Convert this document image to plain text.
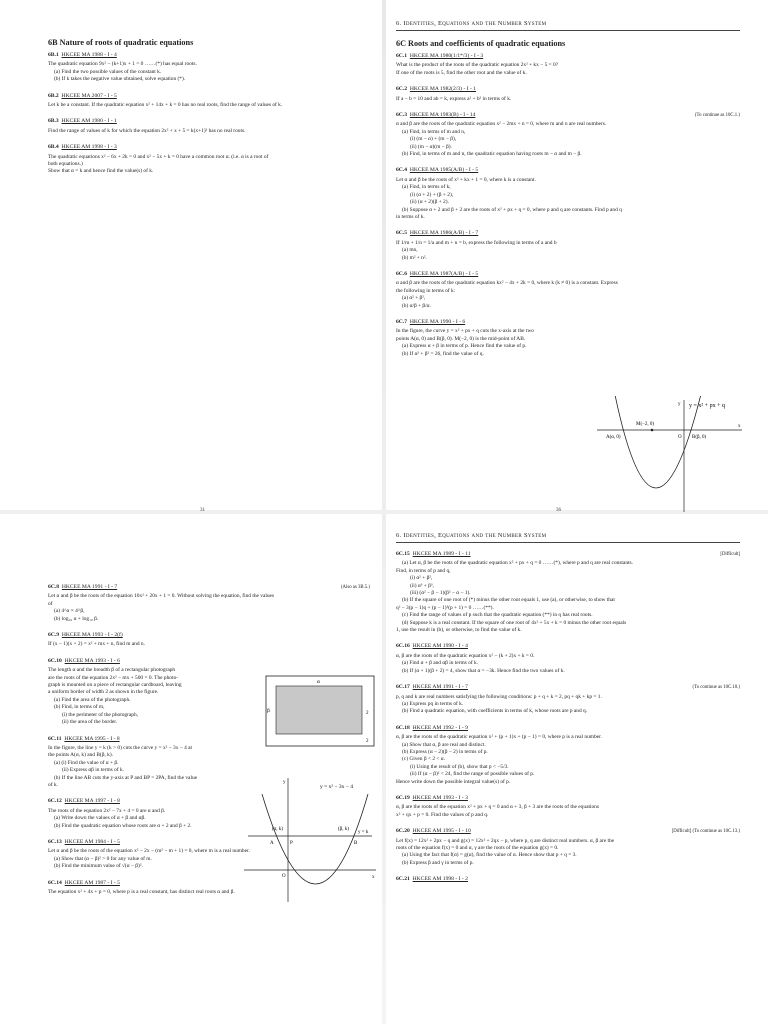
6B Nature of roots of quadratic equations
6B.1 HKCEE MA 1988 - I - 4
The quadratic equation 9x² − (k+1)x + 1 = 0 ……(*) has equal roots.
(a) Find the two possible values of the constant k.
(b) If k takes the negative value obtained, solve equation (*).
6B.2 HKCEE MA 2007 - I - 5
Let k be a constant. If the quadratic equation x² + 14x + k = 0 has no real roots, find the range of values of k.
6B.3 HKCEE AM 1980 - I - 1
Find the range of values of k for which the equation 2x² + x + 5 = k(x+1)² has no real roots.
6B.4 HKCEE AM 1998 - I - 3
The quadratic equations x² − 6x + 2k = 0 and x² − 5x + k = 0 have a common root α. (i.e. α is a root of
both equations.)
Show that α = k and hence find the value(s) of k.
31
6. Identities, Equations and the Number System
6C Roots and coefficients of quadratic equations
6C.1 HKCEE MA 1980(1/1*/3) - I - 3
What is the product of the roots of the quadratic equation 2x² + kx − 5 = 0?
If one of the roots is 5, find the other root and the value of k.
6C.2 HKCEE MA 1982(2/3) - I - 1
If a − b = 10 and ab = k, express a² + b² in terms of k.
6C.3 HKCEE MA 1983(B) - I - 14	(To continue as 10C.1.)
α and β are the roots of the quadratic equation x² − 2mx + n = 0, where m and n are real numbers.
(a) Find, in terms of m and n,
(i) (m − α) + (m − β),
(ii) (m − α)(m − β).
(b) Find, in terms of m and n, the quadratic equation having roots m − α and m − β.
6C.4 HKCEE MA 1985(A/B) - I - 5
Let α and β be the roots of x² + kx + 1 = 0, where k is a constant.
(a) Find, in terms of k,
(i) (α + 2) + (β + 2),
(ii) (α + 2)(β + 2).
(b) Suppose α + 2 and β + 2 are the roots of x² + px + q = 0, where p and q are constants. Find p and q
in terms of k.
6C.5 HKCEE MA 1986(A/B) - I - 7
If 1/m + 1/n = 1/a and m + n = b, express the following in terms of a and b
(a) mn,
(b) m² + n².
6C.6 HKCEE MA 1987(A/B) - I - 5
α and β are the roots of the quadratic equation kx² − 4x + 2k = 0, where k (k ≠ 0) is a constant. Express
the following in terms of k:
(a) α² + β²,
(b) α/β + β/α.
6C.7 HKCEE MA 1990 - I - 6
In the figure, the curve y = x² + px + q cuts the x-axis at the two
points A(α, 0) and B(β, 0). M(−2, 0) is the mid-point of AB.
(a) Express α + β in terms of p. Hence find the value of p.
(b) If α² + β² = 26, find the value of q.
y = x² + px + q
y
x
M(−2, 0)
A(α, 0)	O B(β, 0)
36
6C.8 HKCEE MA 1991 - I - 7	(Also as 3B.5.)
Let α and β be the roots of the equation 10x² + 20x + 1 = 0. Without solving the equation, find the values
of
(a) 4^α × 4^β,
(b) log₁₀ α + log₁₀ β.
6C.9 HKCEE MA 1993 - I - 2(f)
If (x − 1)(x + 2) = x² + mx + n, find m and n.
6C.10 HKCEE MA 1993 - I - 6
The length α and the breadth β of a rectangular photograph
are the roots of the equation 2x² − mx + 500 = 0. The photo-
graph is mounted on a piece of rectangular cardboard, leaving
a uniform border of width 2 as shown in the figure.
(a) Find the area of the photograph.
(b) Find, in terms of m,
(i) the perimeter of the photograph,
(ii) the area of the border.
6C.11 HKCEE MA 1995 - I - 8
In the figure, the line y = k (k > 0) cuts the curve y = x² − 3x − 4 at
the points A(α, k) and B(β, k).
(a) (i) Find the value of α + β.
(ii) Express αβ in terms of k.
(b) If the line AB cuts the y-axis at P and BP = 2PA, find the value
of k.
6C.12 HKCEE MA 1997 - I - 8
The roots of the equation 2x² − 7x + 4 = 0 are α and β.
(a) Write down the values of α + β and αβ.
(b) Find the quadratic equation whose roots are α + 2 and β + 2.
6C.13 HKCEE AM 1984 - I - 5
Let α and β be the roots of the equation x² − 2x − (m² − m + 1) = 0, where m is a real number.
(a) Show that (α − β)² > 0 for any value of m.
(b) Find the minimum value of √(α − β)².
6C.14 HKCEE AM 1987 - I - 5
The equation x² + 4x + p = 0, where p is a real constant, has distinct real roots α and β.
α
β	2
2
y = x² − 3x − 4
y = k
(α, k)	(β, k)
A	P	B
O
y
x
6. Identities, Equations and the Number System
6C.15 HKCEE MA 1989 - I - 11	[Difficult]
(a) Let α, β be the roots of the quadratic equation x² + px + q = 0 ……(*), where p and q are real constants.
Find, in terms of p and q,
(i) α² + β²,
(ii) α³ + β³,
(iii) (α² − β − 1)(β² − α − 1).
(b) If the square of one root of (*) minus the other root equals 1, use (a), or otherwise, to show that
q² − 3(p − 1)q + (p − 1)³(p + 1) = 0 ……(**).
(c) Find the range of values of p such that the quadratic equation (**) in q has real roots.
(d) Suppose k is a real constant. If the square of one root of 4x² + 5x + k = 0 minus the other root equals
1, use the result in (b), or otherwise, to find the value of k.
6C.16 HKCEE AM 1990 - I - 4
α, β are the roots of the quadratic equation x² − (k + 2)x + k = 0.
(a) Find α + β and αβ in terms of k.
(b) If (α + 1)(β + 2) = 4, show that α = −3k. Hence find the two values of k.
6C.17 HKCEE AM 1991 - I - 7	(To continue as 10C.10.)
p, q and k are real numbers satisfying the following conditions: p + q + k = 2, pq + qk + kp = 1.
(a) Express pq in terms of k.
(b) Find a quadratic equation, with coefficients in terms of k, whose roots are p and q.
6C.18 HKCEE AM 1992 - I - 9
α, β are the roots of the quadratic equation x² + (p + 1)x + (p − 1) = 0, where p is a real number.
(a) Show that α, β are real and distinct.
(b) Express (α − 2)(β − 2) in terms of p.
(c) Given β < 2 < α.
(i) Using the result of (b), show that p < −5/3.
(ii) If (α − β)² < 24, find the range of possible values of p.
Hence write down the possible integral value(s) of p.
6C.19 HKCEE AM 1993 - I - 3
α, β are the roots of the equation x² + px + q = 0 and α + 3, β + 3 are the roots of the equations
x² + qx + p = 0. Find the values of p and q.
6C.20 HKCEE AM 1995 - I - 10	[Difficult] (To continue as 10C.13.)
Let f(x) = 12x² + 2px − q and g(x) = 12x² + 2qx − p, where p, q are distinct real numbers. α, β are the
roots of the equation f(x) = 0 and α, γ are the roots of the equation g(x) = 0.
(a) Using the fact that f(α) = g(α), find the value of α. Hence show that p + q = 3.
(b) Express β and γ in terms of p.
6C.21 HKCEE AM 1998 - I - 2
